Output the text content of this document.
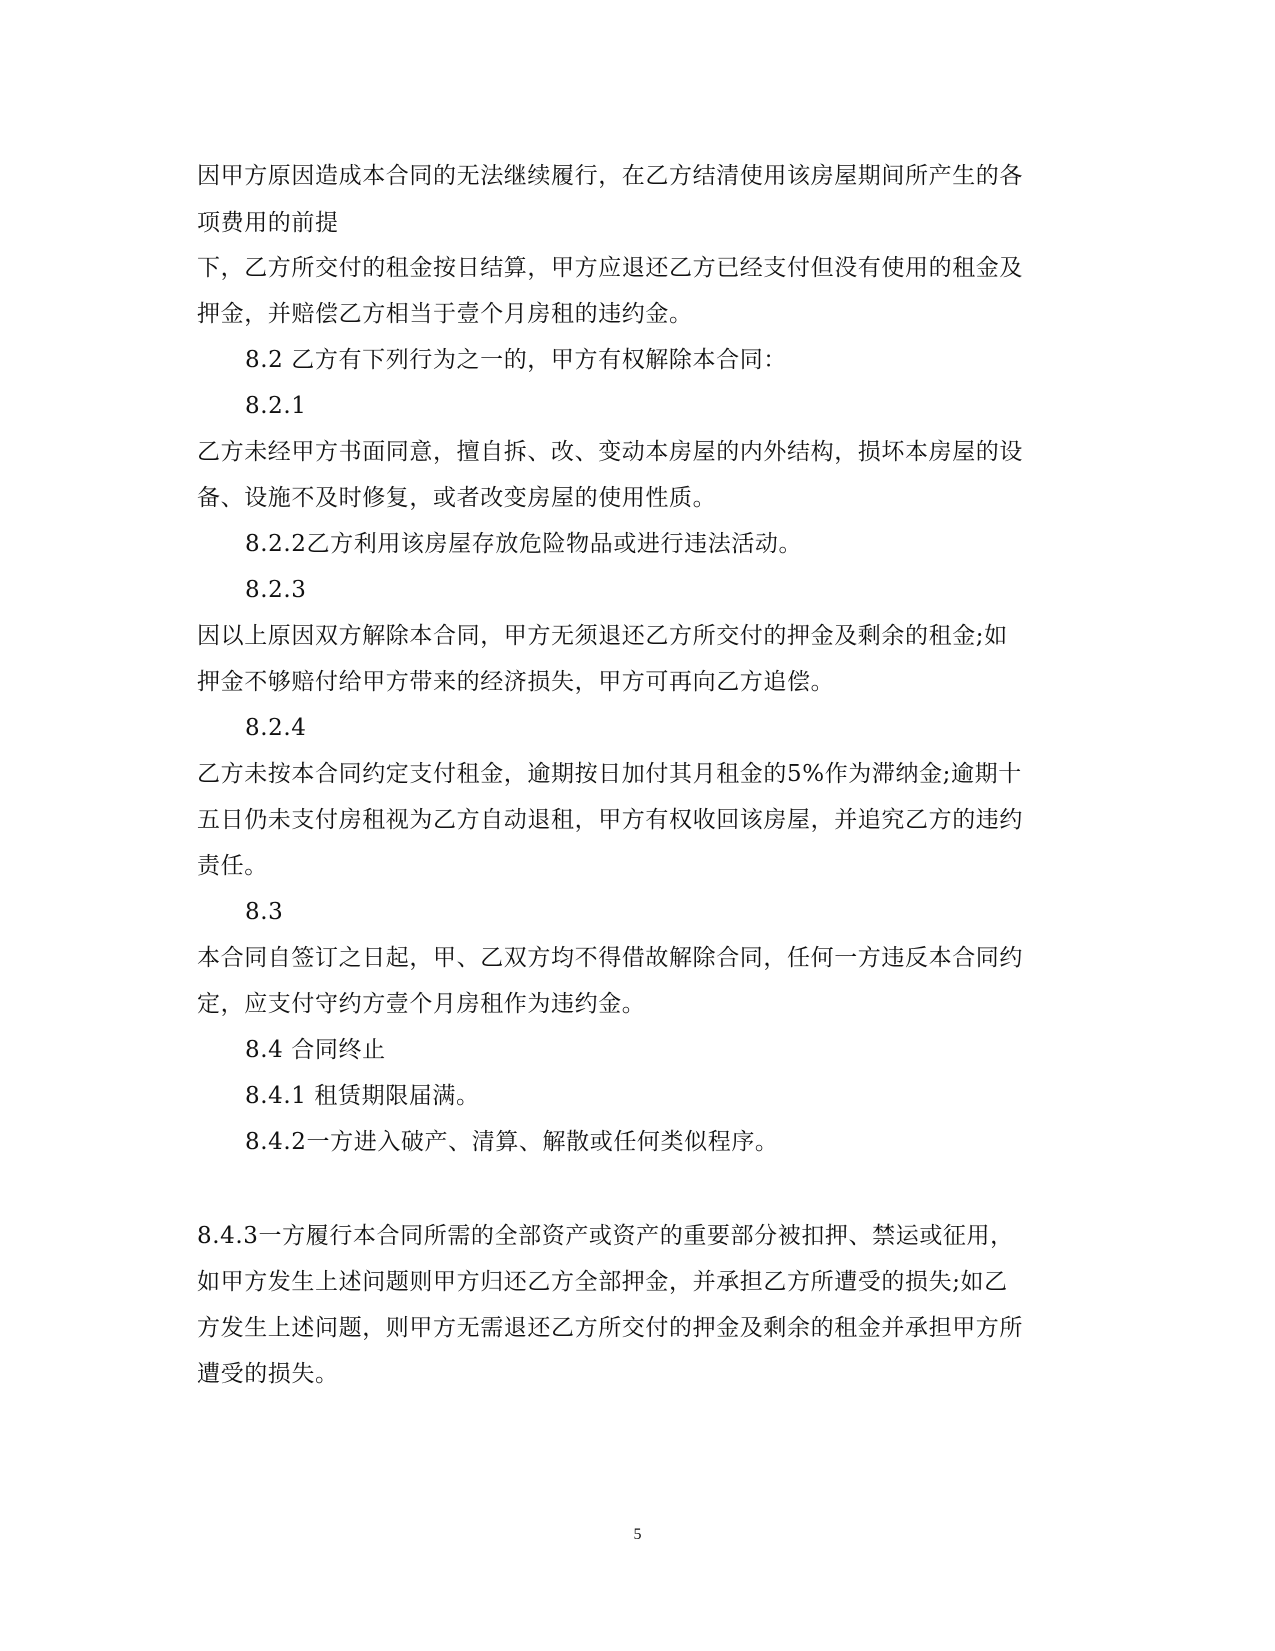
因甲方原因造成本合同的无法继续履行，在乙方结清使用该房屋期间所产生的各
项费用的前提
下，乙方所交付的租金按日结算，甲方应退还乙方已经支付但没有使用的租金及
押金，并赔偿乙方相当于壹个月房租的违约金。
8.2 乙方有下列行为之一的，甲方有权解除本合同：
8.2.1
乙方未经甲方书面同意，擅自拆、改、变动本房屋的内外结构，损坏本房屋的设
备、设施不及时修复，或者改变房屋的使用性质。
8.2.2乙方利用该房屋存放危险物品或进行违法活动。
8.2.3
因以上原因双方解除本合同，甲方无须退还乙方所交付的押金及剩余的租金;如
押金不够赔付给甲方带来的经济损失，甲方可再向乙方追偿。
8.2.4
乙方未按本合同约定支付租金，逾期按日加付其月租金的5%作为滞纳金;逾期十
五日仍未支付房租视为乙方自动退租，甲方有权收回该房屋，并追究乙方的违约
责任。
8.3
本合同自签订之日起，甲、乙双方均不得借故解除合同，任何一方违反本合同约
定，应支付守约方壹个月房租作为违约金。
8.4 合同终止
8.4.1 租赁期限届满。
8.4.2一方进入破产、清算、解散或任何类似程序。
8.4.3一方履行本合同所需的全部资产或资产的重要部分被扣押、禁运或征用，
如甲方发生上述问题则甲方归还乙方全部押金，并承担乙方所遭受的损失;如乙
方发生上述问题，则甲方无需退还乙方所交付的押金及剩余的租金并承担甲方所
遭受的损失。
5
